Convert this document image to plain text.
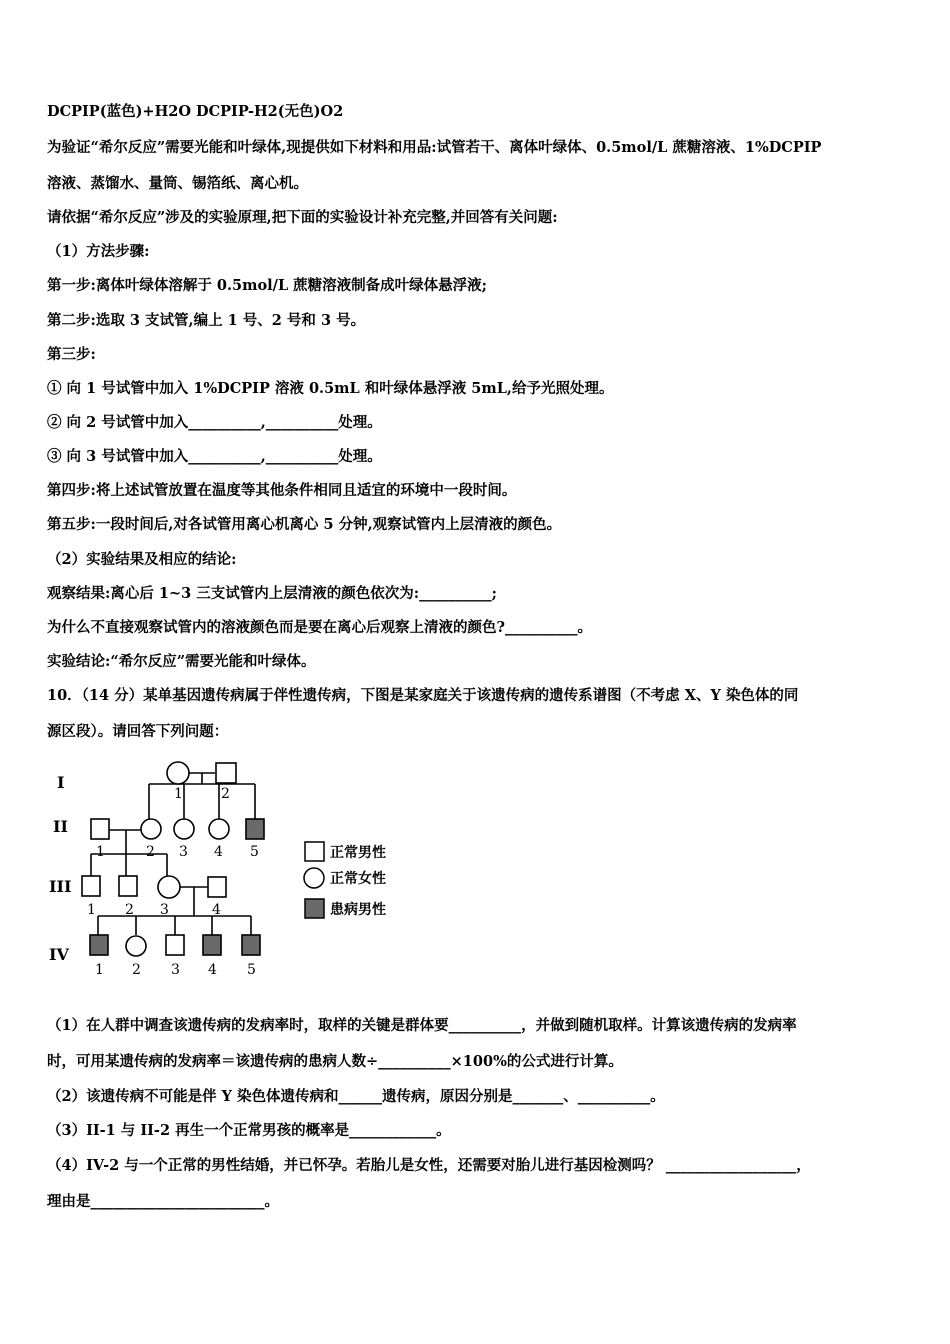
DCPIP(蓝色)+H2O DCPIP-H2(无色)O2
为验证“希尔反应”需要光能和叶绿体,现提供如下材料和用品:试管若干、离体叶绿体、0.5mol/L 蔗糖溶液、1%DCPIP
溶液、蒸馏水、量筒、锡箔纸、离心机。
请依据“希尔反应”涉及的实验原理,把下面的实验设计补充完整,并回答有关问题:
（1）方法步骤:
第一步:离体叶绿体溶解于 0.5mol/L 蔗糖溶液制备成叶绿体悬浮液;
第二步:选取 3 支试管,编上 1 号、2 号和 3 号。
第三步:
① 向 1 号试管中加入 1%DCPIP 溶液 0.5mL 和叶绿体悬浮液 5mL,给予光照处理。
② 向 2 号试管中加入__________,__________处理。
③ 向 3 号试管中加入__________,__________处理。
第四步:将上述试管放置在温度等其他条件相同且适宜的环境中一段时间。
第五步:一段时间后,对各试管用离心机离心 5 分钟,观察试管内上层清液的颜色。
（2）实验结果及相应的结论:
观察结果:离心后 1~3 三支试管内上层清液的颜色依次为:__________;
为什么不直接观察试管内的溶液颜色而是要在离心后观察上清液的颜色?__________。
实验结论:“希尔反应”需要光能和叶绿体。
10．（14 分）某单基因遗传病属于伴性遗传病，下图是某家庭关于该遗传病的遗传系谱图（不考虑 X、Y 染色体的同
源区段）。请回答下列问题：
I
II
III
IV
1	2
1	2 3 4 5
1 2 3	4
1 2 3 4 5
正常男性
正常女性
患病男性
（1）在人群中调查该遗传病的发病率时，取样的关键是群体要__________，并做到随机取样。计算该遗传病的发病率
时，可用某遗传病的发病率＝该遗传病的患病人数÷__________×100%的公式进行计算。
（2）该遗传病不可能是伴 Y 染色体遗传病和______遗传病，原因分别是_______、__________。
（3）II-1 与 II-2 再生一个正常男孩的概率是____________。
（4）IV-2 与一个正常的男性结婚，并已怀孕。若胎儿是女性，还需要对胎儿进行基因检测吗？ __________________，
理由是________________________。
